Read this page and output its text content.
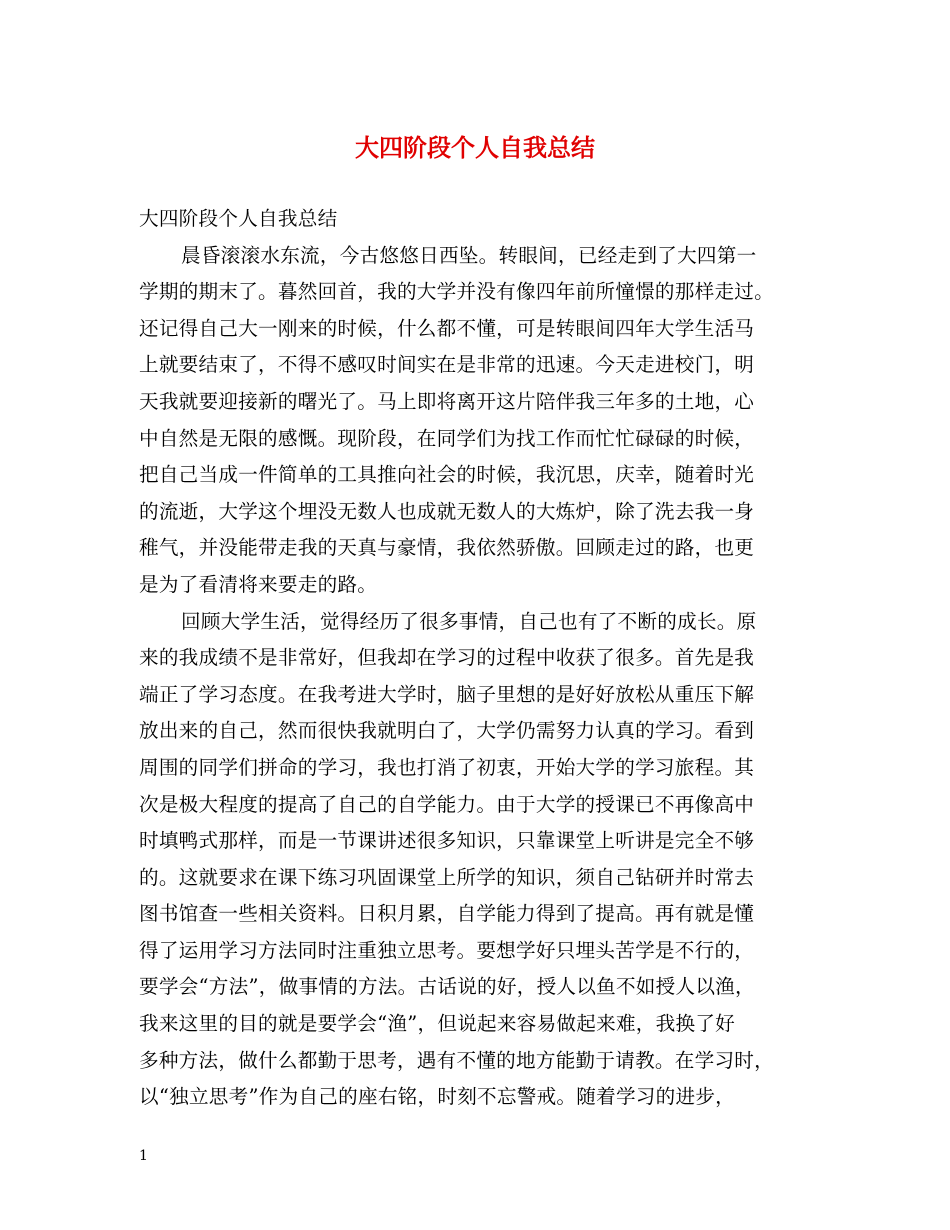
大四阶段个人自我总结
大四阶段个人自我总结
晨昏滚滚水东流，今古悠悠日西坠。转眼间，已经走到了大四第一
学期的期末了。暮然回首，我的大学并没有像四年前所憧憬的那样走过。
还记得自己大一刚来的时候，什么都不懂，可是转眼间四年大学生活马
上就要结束了，不得不感叹时间实在是非常的迅速。今天走进校门，明
天我就要迎接新的曙光了。马上即将离开这片陪伴我三年多的土地，心
中自然是无限的感慨。现阶段，在同学们为找工作而忙忙碌碌的时候，
把自己当成一件简单的工具推向社会的时候，我沉思，庆幸，随着时光
的流逝，大学这个埋没无数人也成就无数人的大炼炉，除了洗去我一身
稚气，并没能带走我的天真与豪情，我依然骄傲。回顾走过的路，也更
是为了看清将来要走的路。
回顾大学生活，觉得经历了很多事情，自己也有了不断的成长。原
来的我成绩不是非常好，但我却在学习的过程中收获了很多。首先是我
端正了学习态度。在我考进大学时，脑子里想的是好好放松从重压下解
放出来的自己，然而很快我就明白了，大学仍需努力认真的学习。看到
周围的同学们拼命的学习，我也打消了初衷，开始大学的学习旅程。其
次是极大程度的提高了自己的自学能力。由于大学的授课已不再像高中
时填鸭式那样，而是一节课讲述很多知识，只靠课堂上听讲是完全不够
的。这就要求在课下练习巩固课堂上所学的知识，须自己钻研并时常去
图书馆查一些相关资料。日积月累，自学能力得到了提高。再有就是懂
得了运用学习方法同时注重独立思考。要想学好只埋头苦学是不行的，
要学会“方法”，做事情的方法。古话说的好，授人以鱼不如授人以渔，
我来这里的目的就是要学会“渔”，但说起来容易做起来难，我换了好
多种方法，做什么都勤于思考，遇有不懂的地方能勤于请教。在学习时，
以“独立思考”作为自己的座右铭，时刻不忘警戒。随着学习的进步，
1
